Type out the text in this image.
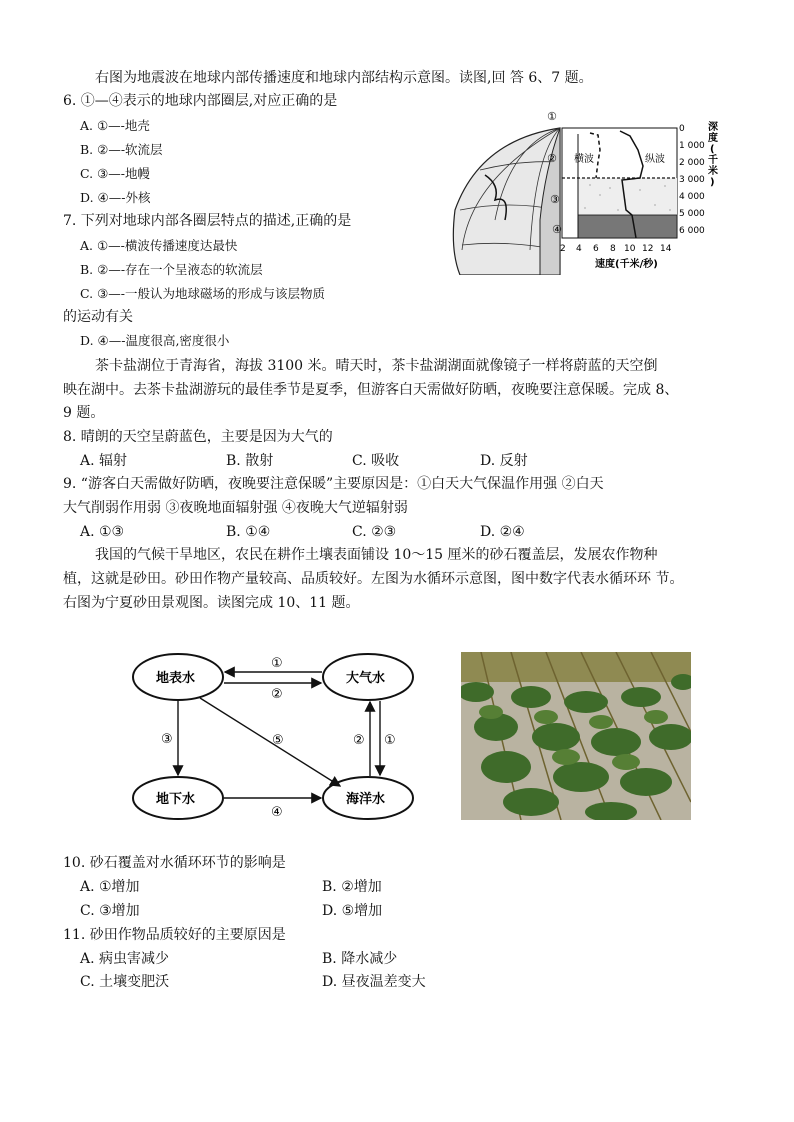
右图为地震波在地球内部传播速度和地球内部结构示意图。读图,回 答 6、7 题。
6. ①—④表示的地球内部圈层,对应正确的是
A. ①—-地壳
B. ②—-软流层
C. ③—-地幔
D. ④—-外核
7. 下列对地球内部各圈层特点的描述,正确的是
A. ①—-横波传播速度达最快
B. ②—-存在一个呈液态的软流层
C. ③—-一般认为地球磁场的形成与该层物质
的运动有关
D. ④—-温度很高,密度很小
横波	纵波
①
②
③
④
0
1 000
2 000
3 000
4 000
5 000
6 000
深
度
(
千
米
)
2 4 6 8 10 12 14
速度(千米/秒)
茶卡盐湖位于青海省，海拔 3100 米。晴天时，茶卡盐湖湖面就像镜子一样将蔚蓝的天空倒
映在湖中。去茶卡盐湖游玩的最佳季节是夏季，但游客白天需做好防晒，夜晚要注意保暖。完成 8、
9 题。
8. 晴朗的天空呈蔚蓝色，主要是因为大气的
A. 辐射	B. 散射	C. 吸收	D. 反射
9. “游客白天需做好防晒，夜晚要注意保暖”主要原因是：①白天大气保温作用强 ②白天
大气削弱作用弱 ③夜晚地面辐射强 ④夜晚大气逆辐射弱
A. ①③	B. ①④	C. ②③	D. ②④
我国的气候干旱地区，农民在耕作土壤表面铺设 10～15 厘米的砂石覆盖层，发展农作物种
植，这就是砂田。砂田作物产量较高、品质较好。左图为水循环示意图，图中数字代表水循环环 节。
右图为宁夏砂田景观图。读图完成 10、11 题。
地表水	大气水
地下水	海洋水
①
②
③	⑤	② ①
④
10. 砂石覆盖对水循环环节的影响是
A. ①增加	B. ②增加
C. ③增加	D. ⑤增加
11. 砂田作物品质较好的主要原因是
A. 病虫害减少	B. 降水减少
C. 土壤变肥沃	D. 昼夜温差变大
